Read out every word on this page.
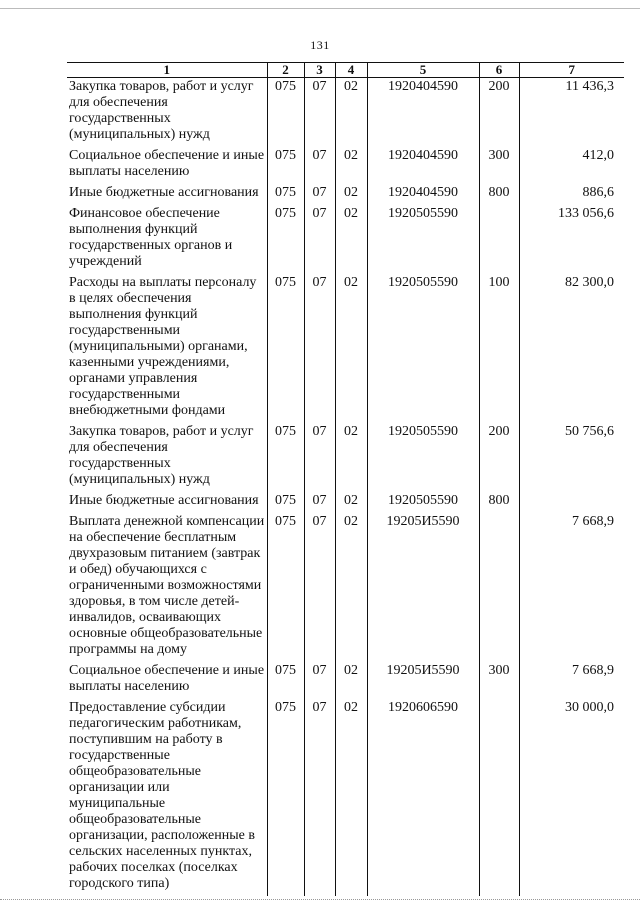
131
1	2	3	4	5	6	7
Закупка товаров, работ и услуг для обеспечения государственных (муниципальных) нужд	075	07	02	1920404590	200	11 436,3
Социальное обеспечение и иные выплаты населению	075	07	02	1920404590	300	412,0
Иные бюджетные ассигнования	075	07	02	1920404590	800	886,6
Финансовое обеспечение выполнения функций государственных органов и учреждений	075	07	02	1920505590		133 056,6
Расходы на выплаты персоналу в целях обеспечения выполнения функций государственными (муниципальными) органами, казенными учреждениями, органами управления государственными внебюджетными фондами	075	07	02	1920505590	100	82 300,0
Закупка товаров, работ и услуг для обеспечения государственных (муниципальных) нужд	075	07	02	1920505590	200	50 756,6
Иные бюджетные ассигнования	075	07	02	1920505590	800	
Выплата денежной компенсации на обеспечение бесплатным двухразовым питанием (завтрак и обед) обучающихся с ограниченными возможностями здоровья, в том числе детей-инвалидов, осваивающих основные общеобразовательные программы на дому	075	07	02	19205И5590		7 668,9
Социальное обеспечение и иные выплаты населению	075	07	02	19205И5590	300	7 668,9
Предоставление субсидии педагогическим работникам, поступившим на работу в государственные общеобразовательные организации или муниципальные общеобразовательные организации, расположенные в сельских населенных пунктах, рабочих поселках (поселках городского типа)	075	07	02	1920606590		30 000,0
